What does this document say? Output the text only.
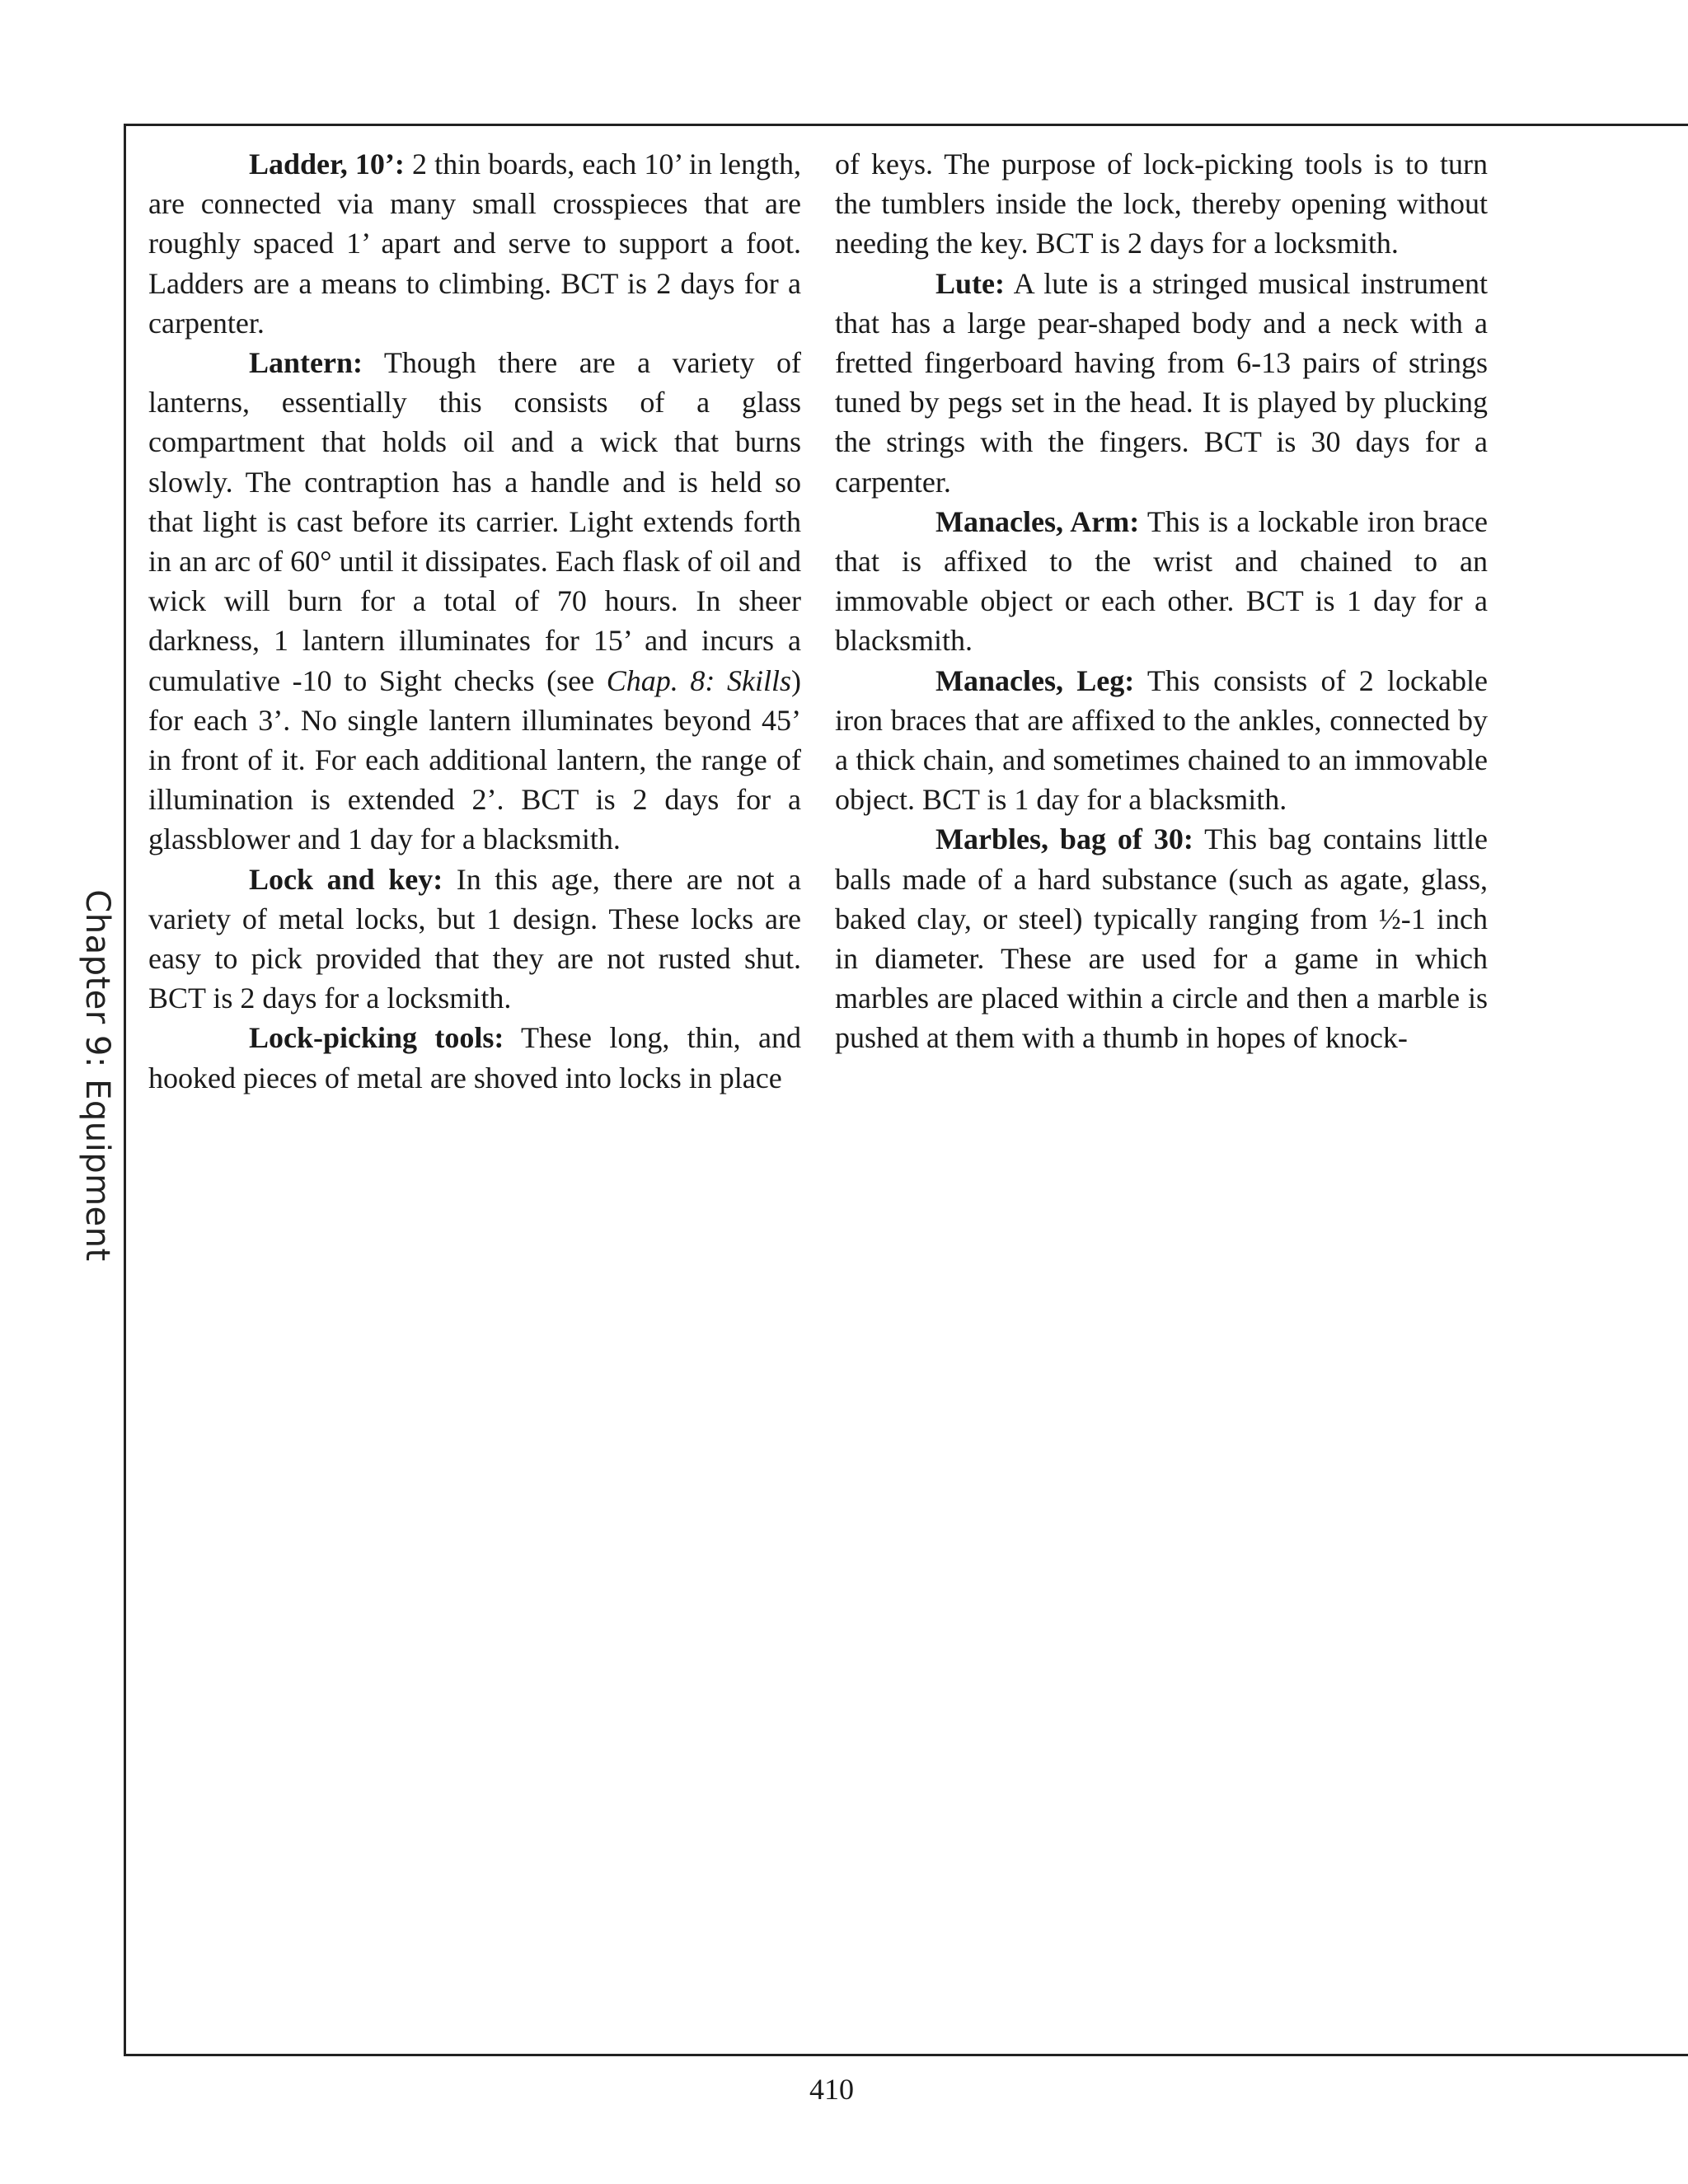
Chapter 9: Equipment

Ladder, 10’: 2 thin boards, each 10’ in length, are connected via many small crosspieces that are roughly spaced 1’ apart and serve to support a foot. Ladders are a means to climbing. BCT is 2 days for a carpenter.

Lantern: Though there are a variety of lanterns, essentially this consists of a glass compartment that holds oil and a wick that burns slowly. The contraption has a handle and is held so that light is cast before its carrier. Light extends forth in an arc of 60° until it dissipates. Each flask of oil and wick will burn for a total of 70 hours. In sheer darkness, 1 lantern illuminates for 15’ and incurs a cumulative -10 to Sight checks (see Chap. 8: Skills) for each 3’. No single lantern illuminates beyond 45’ in front of it. For each additional lantern, the range of illumination is extended 2’. BCT is 2 days for a glassblower and 1 day for a blacksmith.

Lock and key: In this age, there are not a variety of metal locks, but 1 design. These locks are easy to pick provided that they are not rusted shut. BCT is 2 days for a locksmith.

Lock-picking tools: These long, thin, and hooked pieces of metal are shoved into locks in place

of keys. The purpose of lock-picking tools is to turn the tumblers inside the lock, thereby opening without needing the key. BCT is 2 days for a locksmith.

Lute: A lute is a stringed musical instrument that has a large pear-shaped body and a neck with a fretted fingerboard having from 6-13 pairs of strings tuned by pegs set in the head. It is played by plucking the strings with the fingers. BCT is 30 days for a carpenter.

Manacles, Arm: This is a lockable iron brace that is affixed to the wrist and chained to an immovable object or each other. BCT is 1 day for a blacksmith.

Manacles, Leg: This consists of 2 lockable iron braces that are affixed to the ankles, connected by a thick chain, and sometimes chained to an immovable object. BCT is 1 day for a blacksmith.

Marbles, bag of 30: This bag contains little balls made of a hard substance (such as agate, glass, baked clay, or steel) typically ranging from ½-1 inch in diameter. These are used for a game in which marbles are placed within a circle and then a marble is pushed at them with a thumb in hopes of knock-

410
